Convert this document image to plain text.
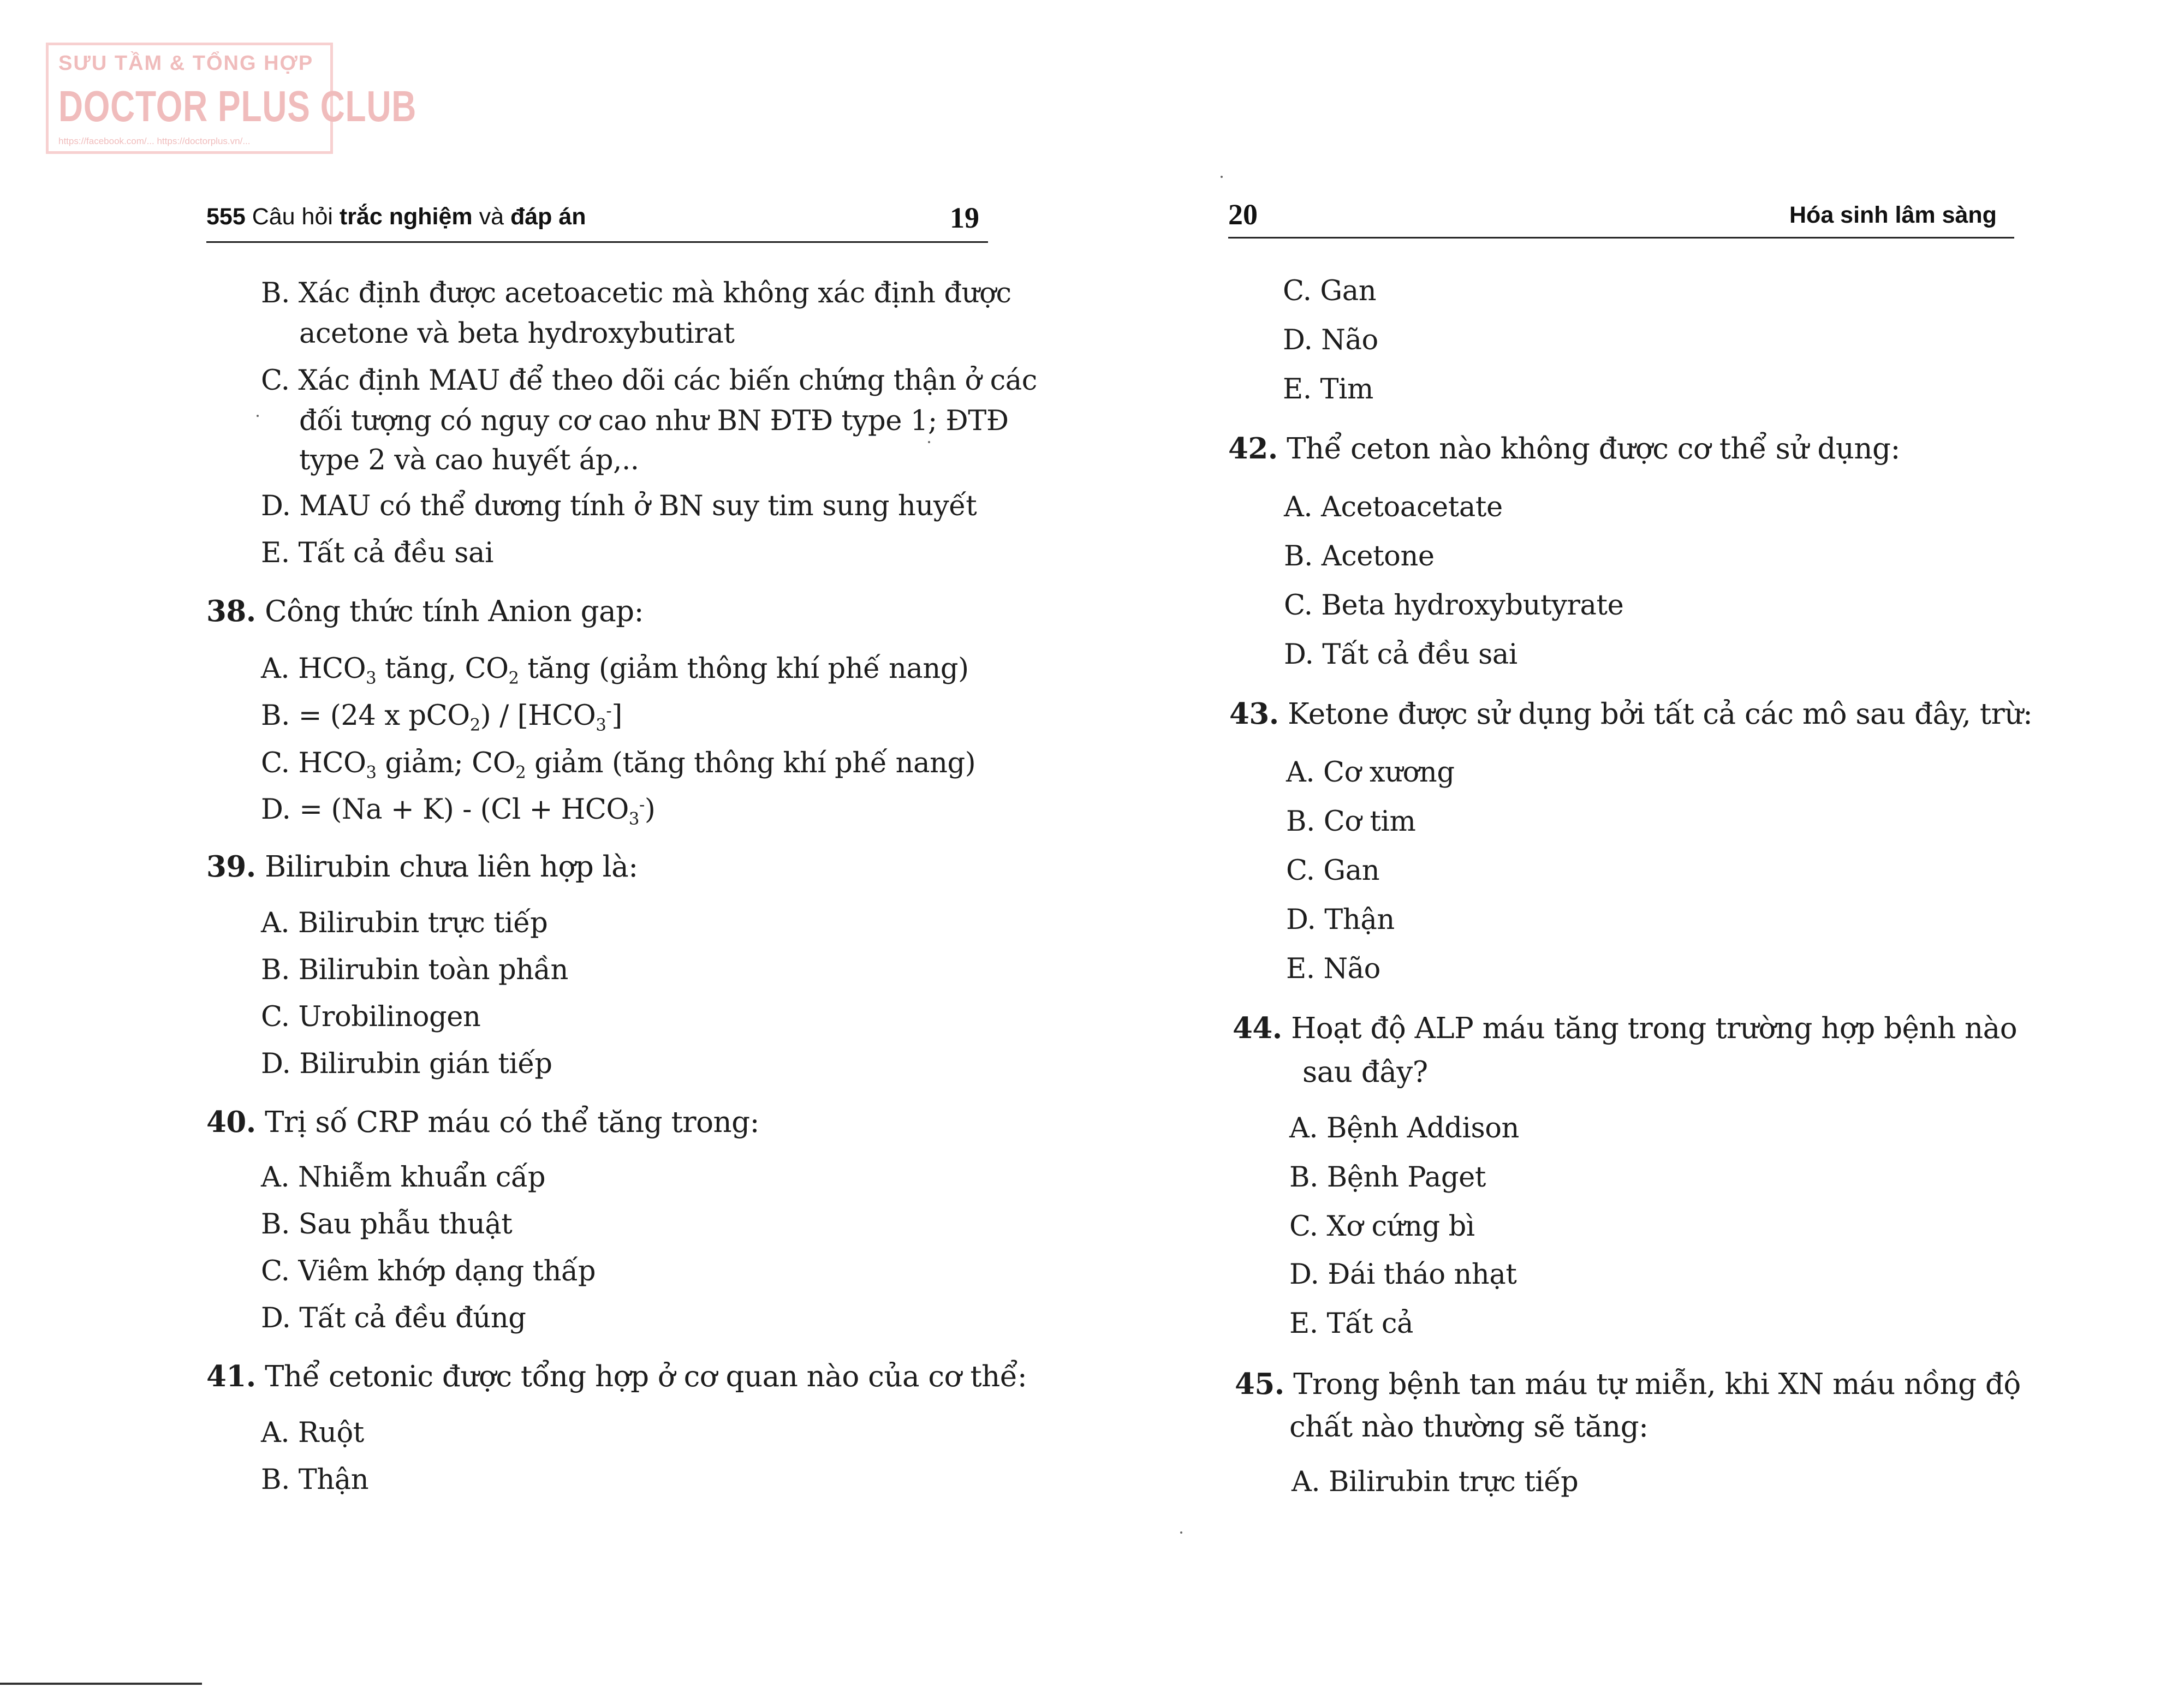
SƯU TẦM & TỔNG HỢP
DOCTOR PLUS CLUB
https://facebook.com/... https://doctorplus.vn/...
555 Câu hỏi trắc nghiệm và đáp án	19
B. Xác định được acetoacetic mà không xác định được
acetone và beta hydroxybutirat
C. Xác định MAU để theo dõi các biến chứng thận ở các
đối tượng có nguy cơ cao như BN ĐTĐ type 1; ĐTĐ
type 2 và cao huyết áp,..
D. MAU có thể dương tính ở BN suy tim sung huyết
E. Tất cả đều sai
38. Công thức tính Anion gap:
A. $HCO_3$ tăng, $CO_2$ tăng (giảm thông khí phế nang)
B. = (24 x $pCO_2) / [HCO_3^-]$
C. $HCO_3$ giảm; $CO_2$ giảm (tăng thông khí phế nang)
D. = $(Na + K) - (Cl + HCO_3^-)$
39. Bilirubin chưa liên hợp là:
A. Bilirubin trực tiếp
B. Bilirubin toàn phần
C. Urobilinogen
D. Bilirubin gián tiếp
40. Trị số CRP máu có thể tăng trong:
A. Nhiễm khuẩn cấp
B. Sau phẫu thuật
C. Viêm khớp dạng thấp
D. Tất cả đều đúng
41. Thể cetonic được tổng hợp ở cơ quan nào của cơ thể:
A. Ruột
B. Thận
20	Hóa sinh lâm sàng
C. Gan
D. Não
E. Tim
42. Thể ceton nào không được cơ thể sử dụng:
A. Acetoacetate
B. Acetone
C. Beta hydroxybutyrate
D. Tất cả đều sai
43. Ketone được sử dụng bởi tất cả các mô sau đây, trừ:
A. Cơ xương
B. Cơ tim
C. Gan
D. Thận
E. Não
44. Hoạt độ ALP máu tăng trong trường hợp bệnh nào
sau đây?
A. Bệnh Addison
B. Bệnh Paget
C. Xơ cứng bì
D. Đái tháo nhạt
E. Tất cả
45. Trong bệnh tan máu tự miễn, khi XN máu nồng độ
chất nào thường sẽ tăng:
A. Bilirubin trực tiếp
